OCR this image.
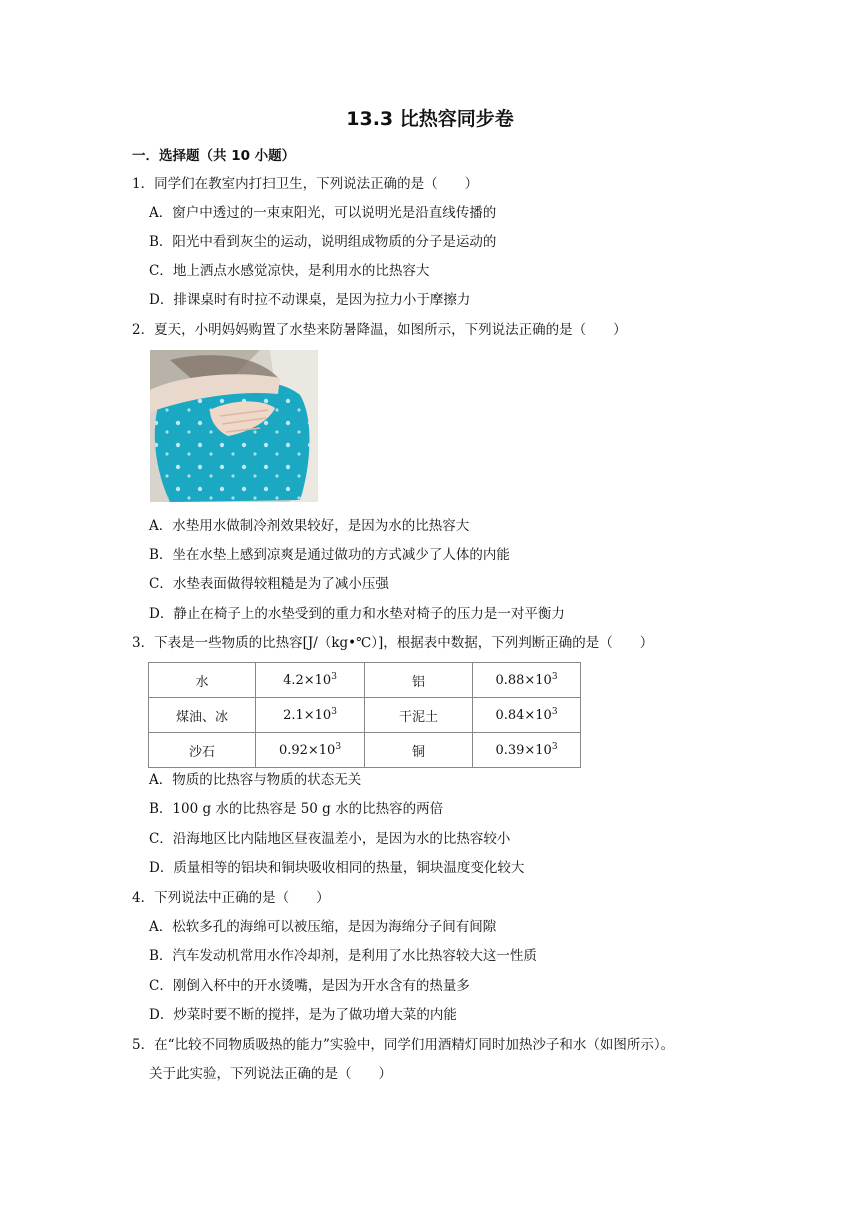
13.3 比热容同步卷
一．选择题（共 10 小题）
1．同学们在教室内打扫卫生，下列说法正确的是（　　）
A．窗户中透过的一束束阳光，可以说明光是沿直线传播的
B．阳光中看到灰尘的运动，说明组成物质的分子是运动的
C．地上洒点水感觉凉快，是利用水的比热容大
D．排课桌时有时拉不动课桌，是因为拉力小于摩擦力
2．夏天，小明妈妈购置了水垫来防暑降温，如图所示，下列说法正确的是（　　）
A．水垫用水做制冷剂效果较好，是因为水的比热容大
B．坐在水垫上感到凉爽是通过做功的方式减少了人体的内能
C．水垫表面做得较粗糙是为了减小压强
D．静止在椅子上的水垫受到的重力和水垫对椅子的压力是一对平衡力
3．下表是一些物质的比热容[J/（kg•℃）]，根据表中数据，下列判断正确的是（　　）
水	$4.2\times 10^3$	铝	$0.88\times 10^3$
煤油、冰	$2.1\times 10^3$	干泥土	$0.84\times 10^3$
沙石	$0.92\times 10^3$	铜	$0.39\times 10^3$
A．物质的比热容与物质的状态无关
B．100 g 水的比热容是 50 g 水的比热容的两倍
C．沿海地区比内陆地区昼夜温差小，是因为水的比热容较小
D．质量相等的铝块和铜块吸收相同的热量，铜块温度变化较大
4．下列说法中正确的是（　　）
A．松软多孔的海绵可以被压缩，是因为海绵分子间有间隙
B．汽车发动机常用水作冷却剂，是利用了水比热容较大这一性质
C．刚倒入杯中的开水烫嘴，是因为开水含有的热量多
D．炒菜时要不断的搅拌，是为了做功增大菜的内能
5．在“比较不同物质吸热的能力”实验中，同学们用酒精灯同时加热沙子和水（如图所示）。
关于此实验，下列说法正确的是（　　）
